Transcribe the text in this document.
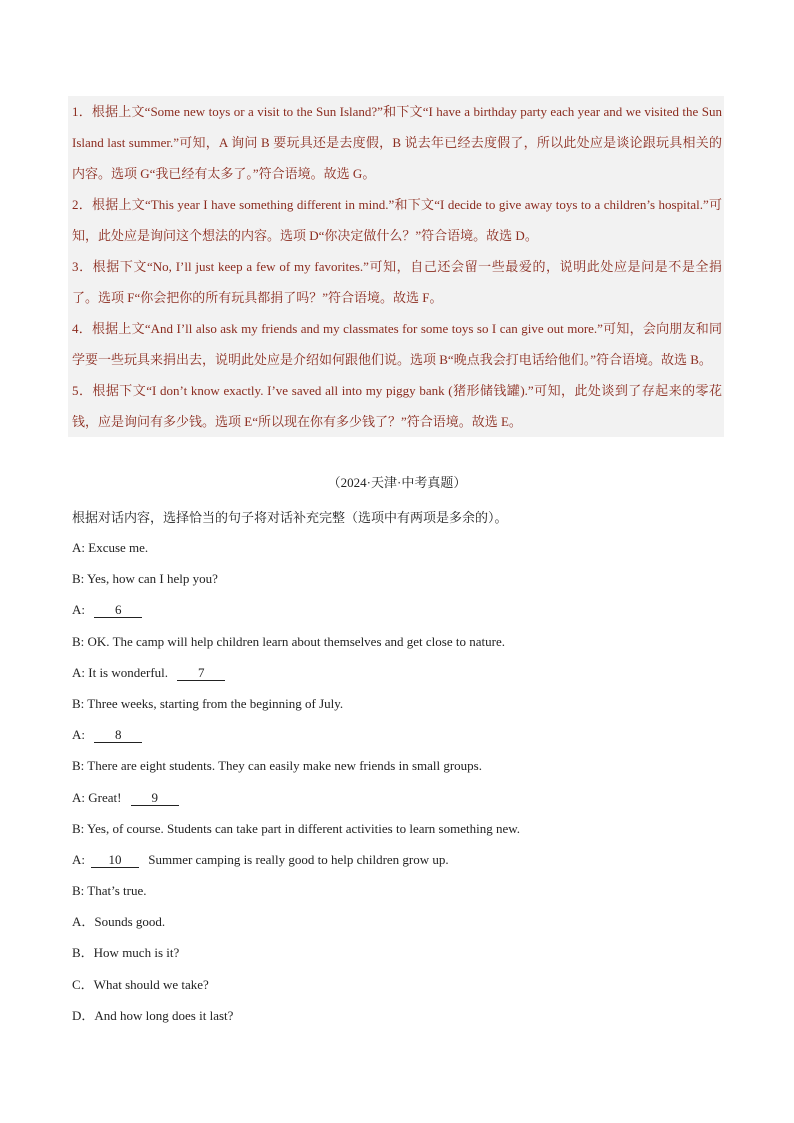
1．根据上文“Some new toys or a visit to the Sun Island?”和下文“I have a birthday party each year and we visited the Sun Island last summer.”可知，A 询问 B 要玩具还是去度假，B 说去年已经去度假了，所以此处应是谈论跟玩具相关的内容。选项 G“我已经有太多了。”符合语境。故选 G。

2．根据上文“This year I have something different in mind.”和下文“I decide to give away toys to a children’s hospital.”可知，此处应是询问这个想法的内容。选项 D“你决定做什么？”符合语境。故选 D。

3．根据下文“No, I’ll just keep a few of my favorites.”可知，自己还会留一些最爱的，说明此处应是问是不是全捐了。选项 F“你会把你的所有玩具都捐了吗？”符合语境。故选 F。

4．根据上文“And I’ll also ask my friends and my classmates for some toys so I can give out more.”可知，会向朋友和同学要一些玩具来捐出去，说明此处应是介绍如何跟他们说。选项 B“晚点我会打电话给他们。”符合语境。故选 B。

5．根据下文“I don’t know exactly. I’ve saved all into my piggy bank (猪形储钱罐).”可知，此处谈到了存起来的零花钱，应是询问有多少钱。选项 E“所以现在你有多少钱了？”符合语境。故选 E。

（2024·天津·中考真题）

根据对话内容，选择恰当的句子将对话补充完整（选项中有两项是多余的）。

A: Excuse me.

B: Yes, how can I help you?

A: 6

B: OK. The camp will help children learn about themselves and get close to nature.

A: It is wonderful. 7

B: Three weeks, starting from the beginning of July.

A: 8

B: There are eight students. They can easily make new friends in small groups.

A: Great! 9

B: Yes, of course. Students can take part in different activities to learn something new.

A: 10 Summer camping is really good to help children grow up.

B: That’s true.

A．Sounds good.

B．How much is it?

C．What should we take?

D．And how long does it last?
